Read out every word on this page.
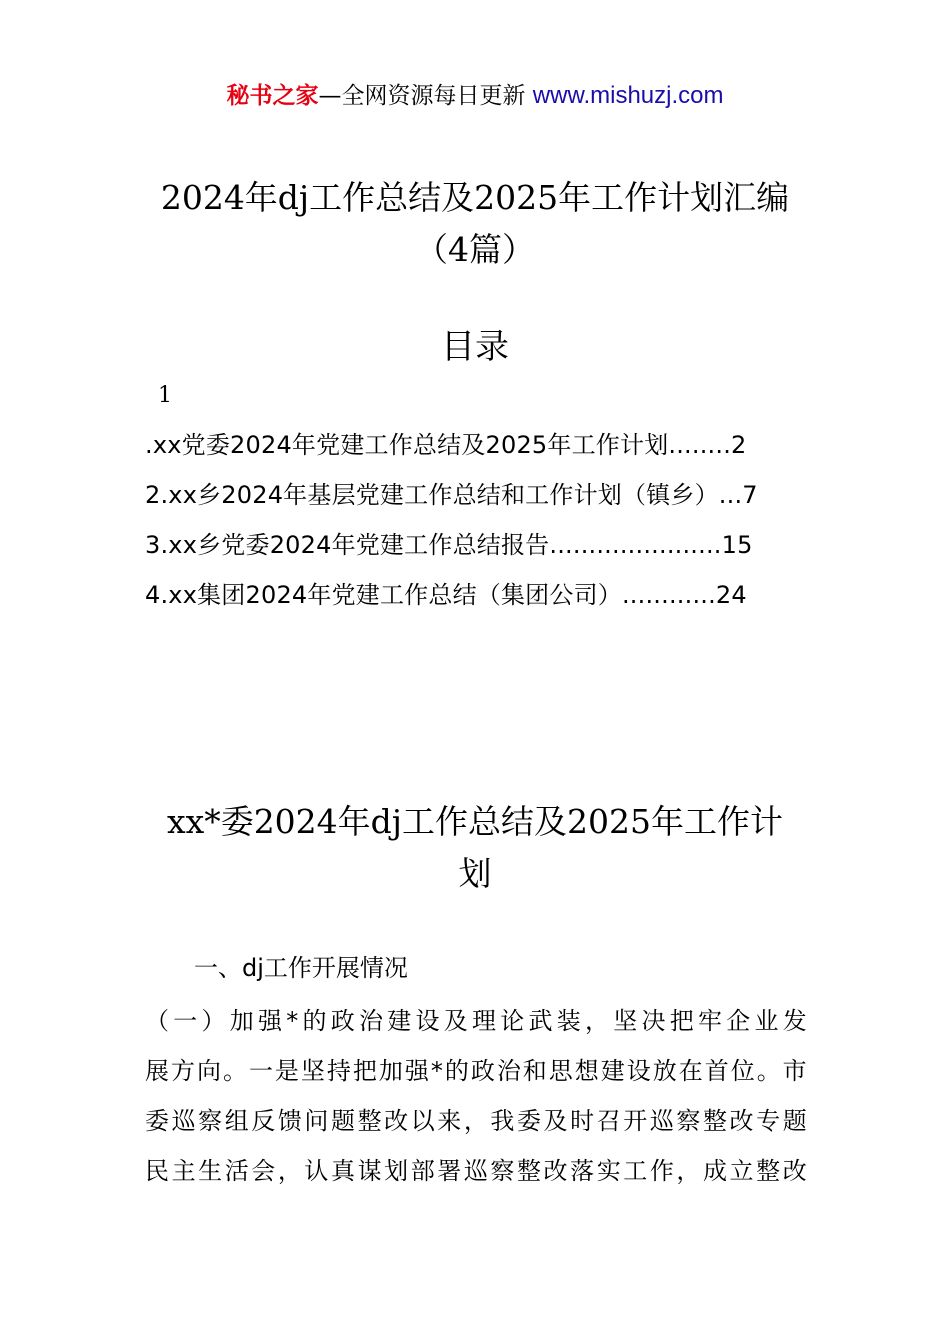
秘书之家—全网资源每日更新 www.mishuzj.com
2024年dj工作总结及2025年工作计划汇编
（4篇）
目录
1
.xx党委2024年党建工作总结及2025年工作计划........2
2.xx乡2024年基层党建工作总结和工作计划（镇乡）...7
3.xx乡党委2024年党建工作总结报告......................15
4.xx集团2024年党建工作总结（集团公司）............24
xx*委2024年dj工作总结及2025年工作计
划
一、dj工作开展情况
（一）加强*的政治建设及理论武装，坚决把牢企业发
展方向。一是坚持把加强*的政治和思想建设放在首位。市
委巡察组反馈问题整改以来，我委及时召开巡察整改专题
民主生活会，认真谋划部署巡察整改落实工作，成立整改
